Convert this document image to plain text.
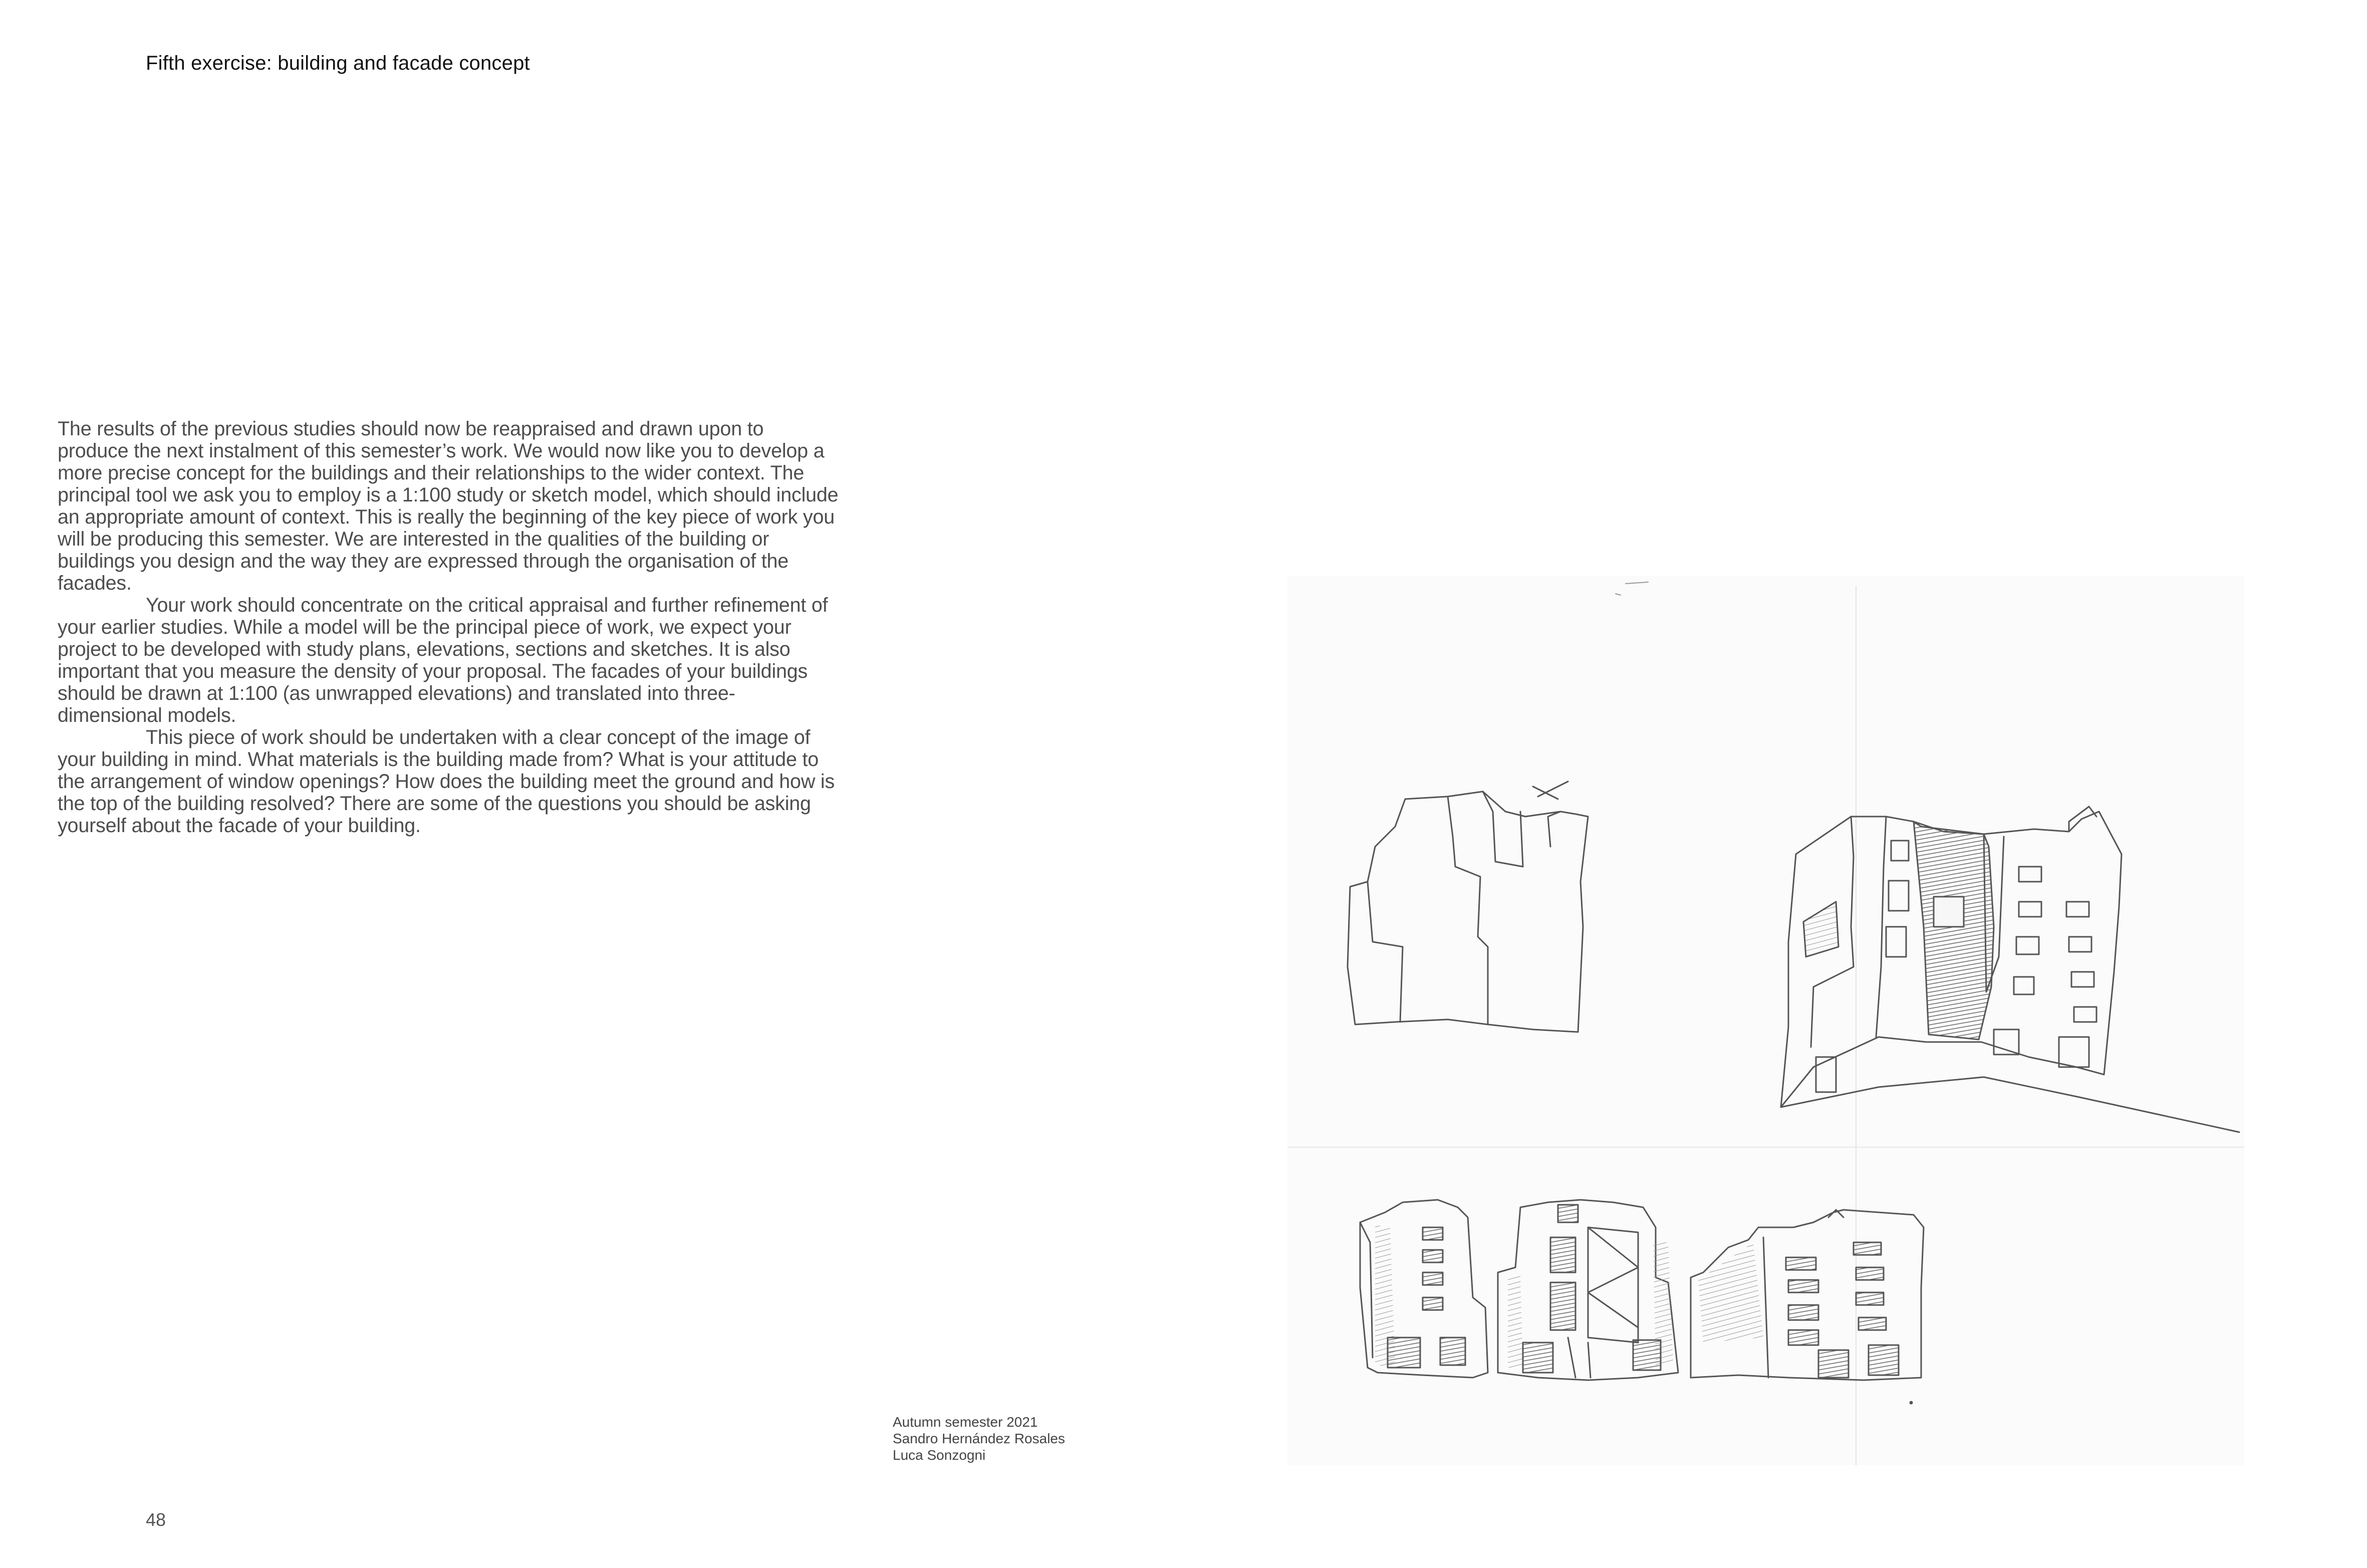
Fifth exercise: building and facade concept

The results of the previous studies should now be reappraised and drawn upon to produce the next instalment of this semester’s work. We would now like you to develop a more precise concept for the buildings and their relationships to the wider context. The principal tool we ask you to employ is a 1:100 study or sketch model, which should include an appropriate amount of context. This is really the beginning of the key piece of work you will be producing this semester. We are interested in the qualities of the building or buildings you design and the way they are expressed through the organisation of the facades.

Your work should concentrate on the critical appraisal and further refinement of your earlier studies. While a model will be the principal piece of work, we expect your project to be developed with study plans, elevations, sections and sketches. It is also important that you measure the density of your proposal. The facades of your buildings should be drawn at 1:100 (as unwrapped elevations) and translated into three-dimensional models.

This piece of work should be undertaken with a clear concept of the image of your building in mind. What materials is the building made from? What is your attitude to the arrangement of window openings? How does the building meet the ground and how is the top of the building resolved? There are some of the questions you should be asking yourself about the facade of your building.

Autumn semester 2021
Sandro Hernández Rosales
Luca Sonzogni
48
